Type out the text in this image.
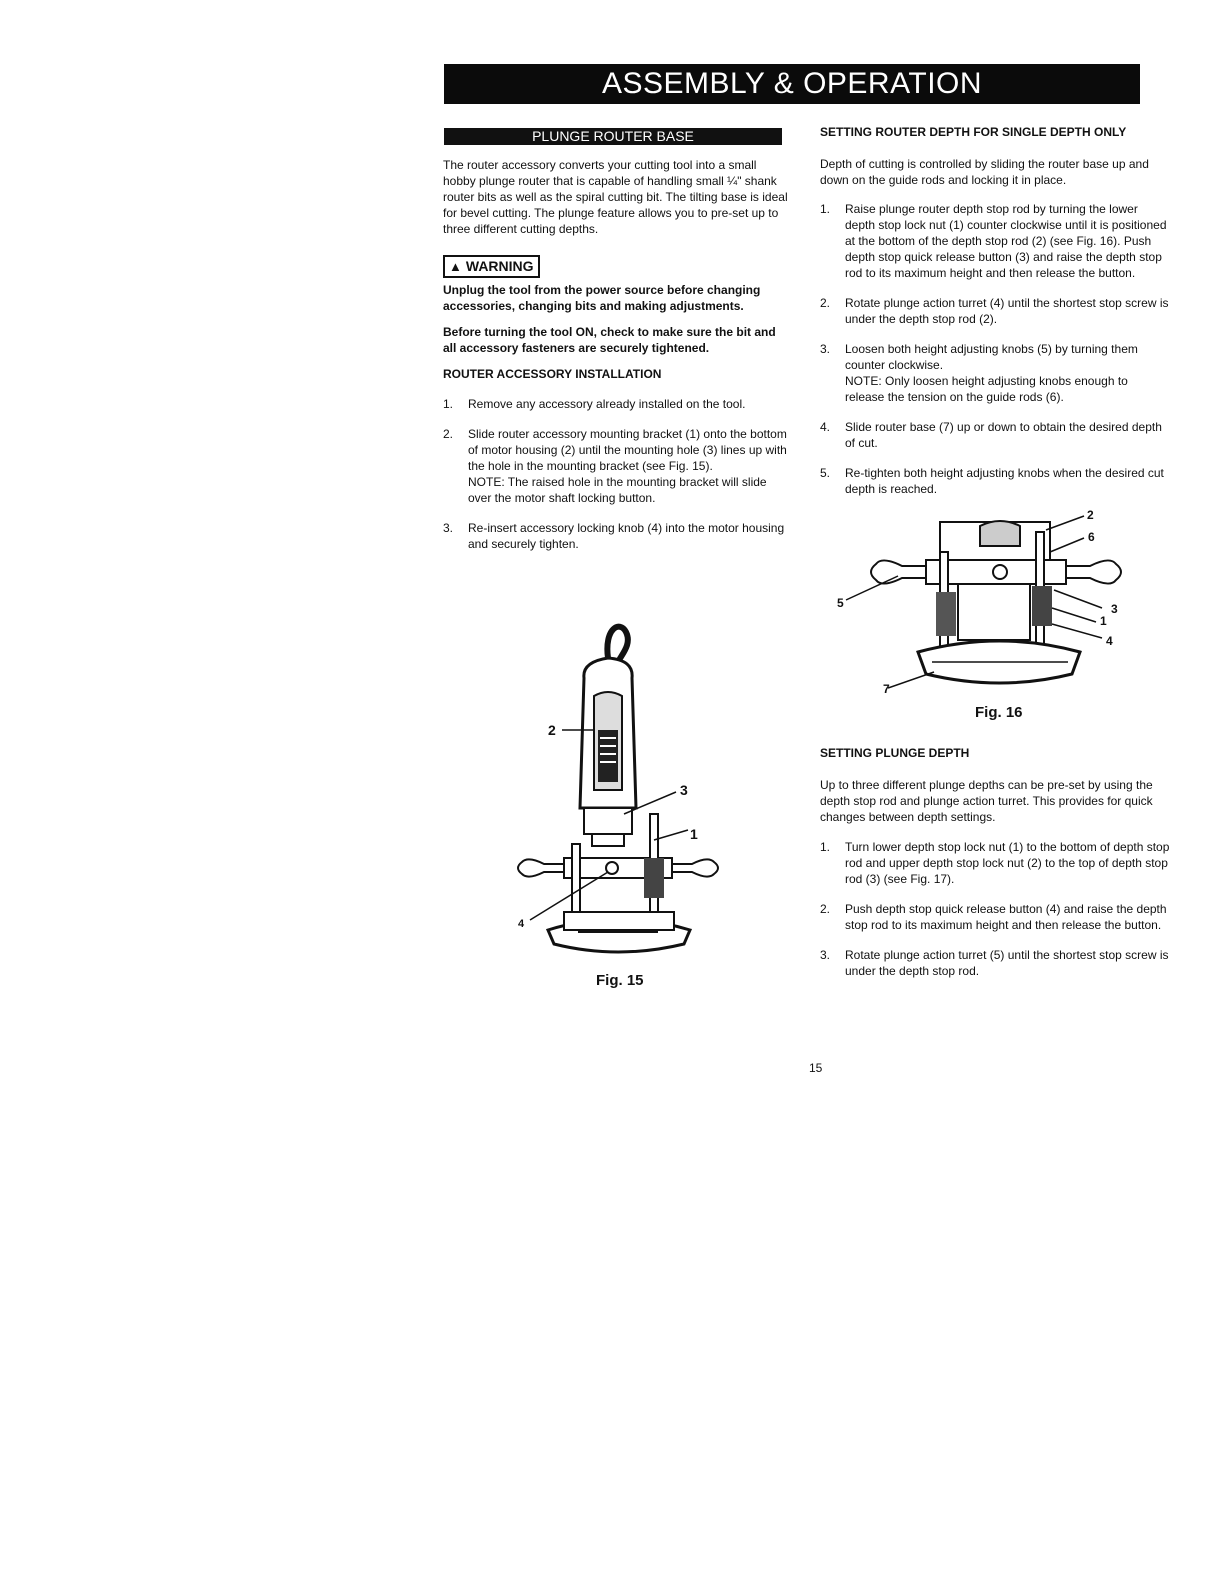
ASSEMBLY & OPERATION
PLUNGE ROUTER BASE

The router accessory converts your cutting tool into a small hobby plunge router that is capable of handling small ¼" shank router bits as well as the spiral cutting bit. The tilting base is ideal for bevel cutting. The plunge feature allows you to pre-set up to three different cutting depths.

▲ WARNING

Unplug the tool from the power source before changing accessories, changing bits and making adjustments.

Before turning the tool ON, check to make sure the bit and all accessory fasteners are securely tightened.

ROUTER ACCESSORY INSTALLATION

1. Remove any accessory already installed on the tool.
2. Slide router accessory mounting bracket (1) onto the bottom of motor housing (2) until the mounting hole (3) lines up with the hole in the mounting bracket (see Fig. 15).
NOTE: The raised hole in the mounting bracket will slide over the motor shaft locking button.
3. Re-insert accessory locking knob (4) into the motor housing and securely tighten.
2
3
1
4
Fig. 15

SETTING ROUTER DEPTH FOR SINGLE DEPTH ONLY

Depth of cutting is controlled by sliding the router base up and down on the guide rods and locking it in place.

1. Raise plunge router depth stop rod by turning the lower depth stop lock nut (1) counter clockwise until it is positioned at the bottom of the depth stop rod (2) (see Fig. 16). Push depth stop quick release button (3) and raise the depth stop rod to its maximum height and then release the button.
2. Rotate plunge action turret (4) until the shortest stop screw is under the depth stop rod (2).
3. Loosen both height adjusting knobs (5) by turning them counter clockwise.
NOTE: Only loosen height adjusting knobs enough to release the tension on the guide rods (6).
4. Slide router base (7) up or down to obtain the desired depth of cut.
5. Re-tighten both height adjusting knobs when the desired cut depth is reached.
2
6
3
1
4
5
7
Fig. 16

SETTING PLUNGE DEPTH

Up to three different plunge depths can be pre-set by using the depth stop rod and plunge action turret. This provides for quick changes between depth settings.

1. Turn lower depth stop lock nut (1) to the bottom of depth stop rod and upper depth stop lock nut (2) to the top of depth stop rod (3) (see Fig. 17).
2. Push depth stop quick release button (4) and raise the depth stop rod to its maximum height and then release the button.
3. Rotate plunge action turret (5) until the shortest stop screw is under the depth stop rod.
15
